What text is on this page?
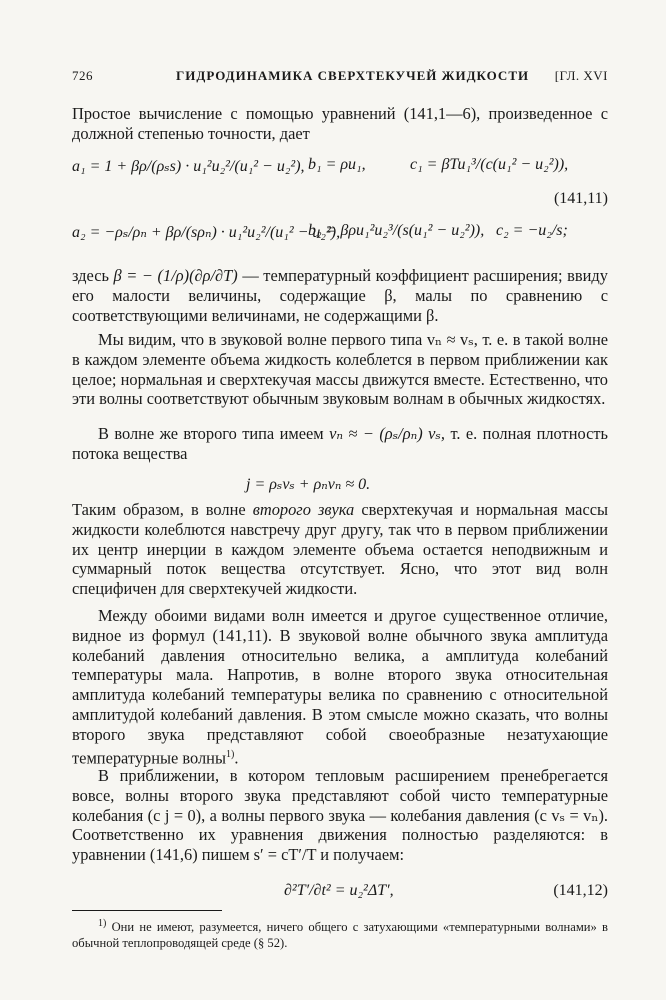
726	ГИДРОДИНАМИКА СВЕРХТЕКУЧЕЙ ЖИДКОСТИ [ГЛ. XVI

Простое вычисление с помощью уравнений (141,1—6), произведенное с должной степенью точности, дает

a₁ = 1 + βρ/(ρₛs) · u₁²u₂²/(u₁² − u₂²), b₁ = ρu₁,	c₁ = βTu₁³/(c(u₁² − u₂²)),
a₂ = −ρₛ/ρₙ + βρ/(sρₙ) · u₁²u₂²/(u₁² − u₂²),
b₂ = βρu₁²u₂³/(s(u₁² − u₂²)), c₂ = −u₂/s;
(141,11)

здесь β = − (1/ρ)(∂ρ/∂T) — температурный коэффициент расширения; ввиду его малости величины, содержащие β, малы по сравнению с соответствующими величинами, не содержащими β.

Мы видим, что в звуковой волне первого типа vₙ ≈ vₛ, т. е. в такой волне в каждом элементе объема жидкость колеблется в первом приближении как целое; нормальная и сверхтекучая массы движутся вместе. Естественно, что эти волны соответствуют обычным звуковым волнам в обычных жидкостях.

В волне же второго типа имеем vₙ ≈ − (ρₛ/ρₙ) vₛ, т. е. полная плотность потока вещества

j = ρₛvₛ + ρₙvₙ ≈ 0.

Таким образом, в волне второго звука сверхтекучая и нормальная массы жидкости колеблются навстречу друг другу, так что в первом приближении их центр инерции в каждом элементе объема остается неподвижным и суммарный поток вещества отсутствует. Ясно, что этот вид волн специфичен для сверхтекучей жидкости.

Между обоими видами волн имеется и другое существенное отличие, видное из формул (141,11). В звуковой волне обычного звука амплитуда колебаний давления относительно велика, а амплитуда колебаний температуры мала. Напротив, в волне второго звука относительная амплитуда колебаний температуры велика по сравнению с относительной амплитудой колебаний давления. В этом смысле можно сказать, что волны второго звука представляют собой своеобразные незатухающие температурные волны$^{1)}$.

В приближении, в котором тепловым расширением пренебрегается вовсе, волны второго звука представляют собой чисто температурные колебания (с j = 0), а волны первого звука — колебания давления (с vₛ = vₙ). Соответственно их уравнения движения полностью разделяются: в уравнении (141,6) пишем s′ = cT′/T и получаем:

∂²T′/∂t² = u₂²ΔT′,	(141,12)

$^{1)}$ Они не имеют, разумеется, ничего общего с затухающими «температурными волнами» в обычной теплопроводящей среде (§ 52).
